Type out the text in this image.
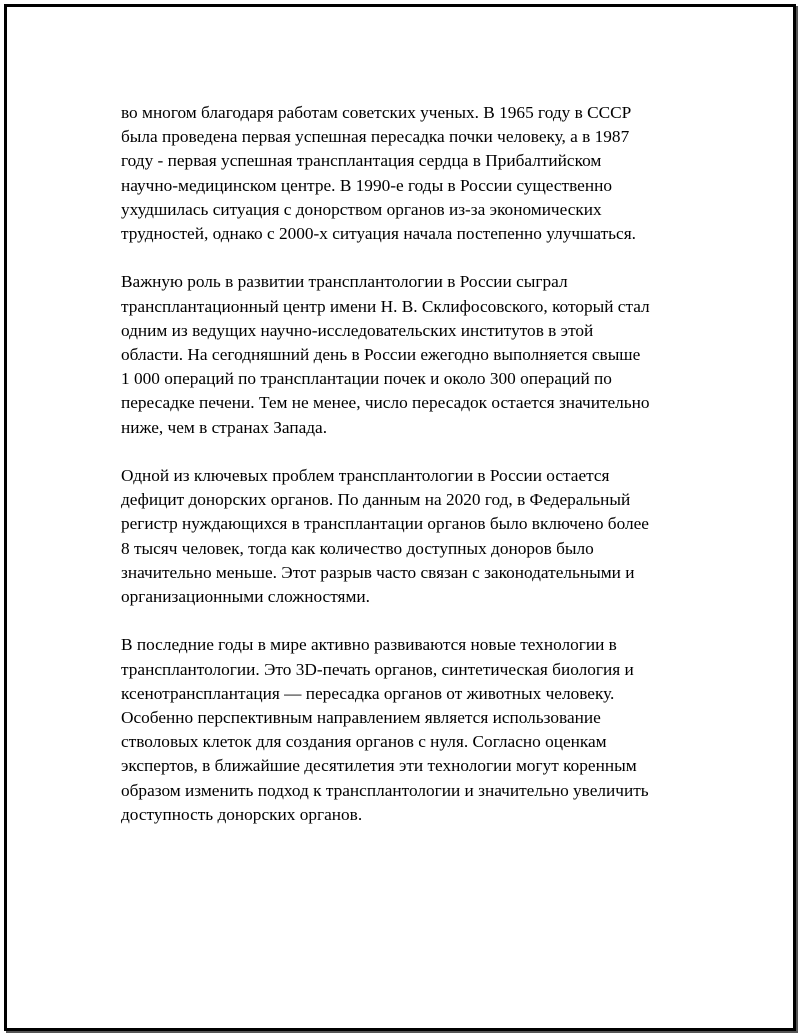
во многом благодаря работам советских ученых. В 1965 году в СССР
была проведена первая успешная пересадка почки человеку, а в 1987
году - первая успешная трансплантация сердца в Прибалтийском
научно-медицинском центре. В 1990-е годы в России существенно
ухудшилась ситуация с донорством органов из-за экономических
трудностей, однако с 2000-х ситуация начала постепенно улучшаться.

Важную роль в развитии трансплантологии в России сыграл
трансплантационный центр имени Н. В. Склифосовского, который стал
одним из ведущих научно-исследовательских институтов в этой
области. На сегодняшний день в России ежегодно выполняется свыше
1 000 операций по трансплантации почек и около 300 операций по
пересадке печени. Тем не менее, число пересадок остается значительно
ниже, чем в странах Запада.

Одной из ключевых проблем трансплантологии в России остается
дефицит донорских органов. По данным на 2020 год, в Федеральный
регистр нуждающихся в трансплантации органов было включено более
8 тысяч человек, тогда как количество доступных доноров было
значительно меньше. Этот разрыв часто связан с законодательными и
организационными сложностями.

В последние годы в мире активно развиваются новые технологии в
трансплантологии. Это 3D-печать органов, синтетическая биология и
ксенотрансплантация — пересадка органов от животных человеку.
Особенно перспективным направлением является использование
стволовых клеток для создания органов с нуля. Согласно оценкам
экспертов, в ближайшие десятилетия эти технологии могут коренным
образом изменить подход к трансплантологии и значительно увеличить
доступность донорских органов.
